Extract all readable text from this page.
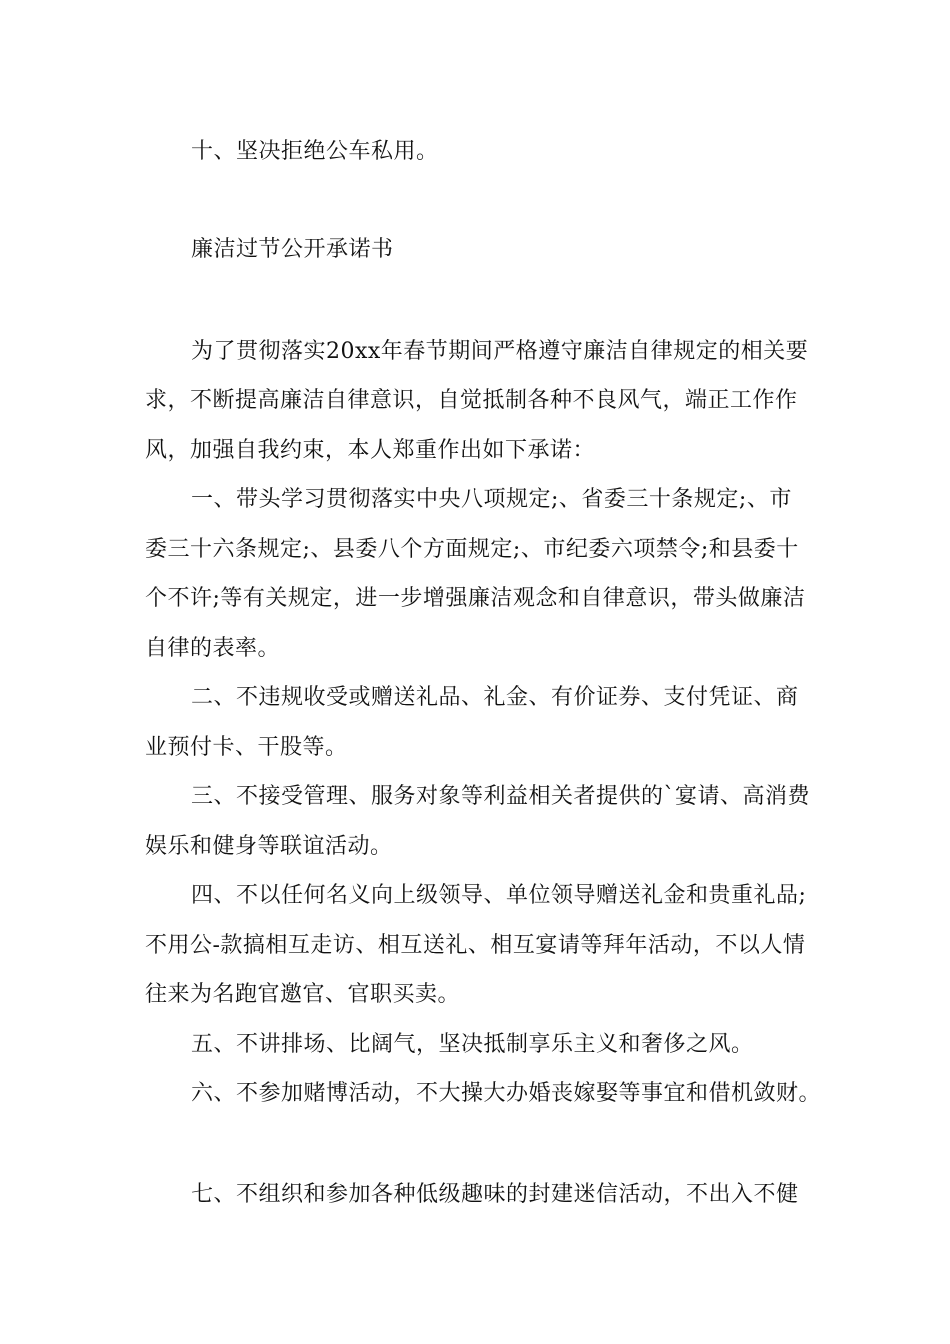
十、坚决拒绝公车私用。
廉洁过节公开承诺书
为了贯彻落实20xx年春节期间严格遵守廉洁自律规定的相关要
求，不断提高廉洁自律意识，自觉抵制各种不良风气，端正工作作
风，加强自我约束，本人郑重作出如下承诺：
一、带头学习贯彻落实中央八项规定;、省委三十条规定;、市
委三十六条规定;、县委八个方面规定;、市纪委六项禁令;和县委十
个不许;等有关规定，进一步增强廉洁观念和自律意识，带头做廉洁
自律的表率。
二、不违规收受或赠送礼品、礼金、有价证券、支付凭证、商
业预付卡、干股等。
三、不接受管理、服务对象等利益相关者提供的`宴请、高消费
娱乐和健身等联谊活动。
四、不以任何名义向上级领导、单位领导赠送礼金和贵重礼品;
不用公-款搞相互走访、相互送礼、相互宴请等拜年活动，不以人情
往来为名跑官邀官、官职买卖。
五、不讲排场、比阔气，坚决抵制享乐主义和奢侈之风。
六、不参加赌博活动，不大操大办婚丧嫁娶等事宜和借机敛财。
七、不组织和参加各种低级趣味的封建迷信活动，不出入不健
